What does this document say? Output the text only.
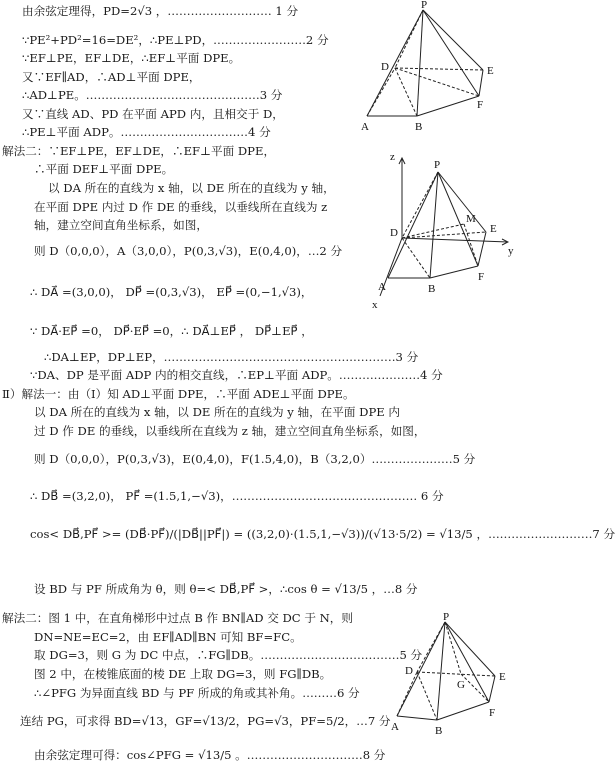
由余弦定理得，PD=2√3 ，……………………… 1 分
∵PE²+PD²=16=DE²，∴PE⊥PD，……………………2 分
∵EF⊥PE，EF⊥DE，∴EF⊥平面 DPE。
又∵EF∥AD，∴AD⊥平面 DPE，
∴AD⊥PE。………………………………………3 分
又∵直线 AD、PD 在平面 APD 内，且相交于 D，
∴PE⊥平面 ADP。……………………………4 分
解法二：∵EF⊥PE，EF⊥DE，∴EF⊥平面 DPE，
∴平面 DEF⊥平面 DPE。
以 DA 所在的直线为 x 轴，以 DE 所在的直线为 y 轴，
在平面 DPE 内过 D 作 DE 的垂线，以垂线所在直线为 z
轴，建立空间直角坐标系，如图，
则 D（0,0,0），A（3,0,0），P(0,3,√3)，E(0,4,0)，…2 分
∴ DA⃗ =(3,0,0)， DP⃗ =(0,3,√3)， EP⃗ =(0,−1,√3)，
∵ DA⃗·EP⃗ =0， DP⃗·EP⃗ =0，∴ DA⃗⊥EP⃗ ， DP⃗⊥EP⃗ ，
∴DA⊥EP，DP⊥EP，……………………………………………………3 分
∵DA、DP 是平面 ADP 内的相交直线，∴EP⊥平面 ADP。…………………4 分
Ⅱ）解法一：由（Ⅰ）知 AD⊥平面 DPE，∴平面 ADE⊥平面 DPE。
以 DA 所在的直线为 x 轴，以 DE 所在的直线为 y 轴，在平面 DPE 内
过 D 作 DE 的垂线，以垂线所在直线为 z 轴，建立空间直角坐标系，如图，
则 D（0,0,0），P(0,3,√3)，E(0,4,0)，F(1.5,4,0)，B（3,2,0）…………………5 分
∴ DB⃗ =(3,2,0)， PF⃗ =(1.5,1,−√3)，………………………………………… 6 分
cos< DB⃗,PF⃗ >= (DB⃗·PF⃗)/(|DB⃗||PF⃗|) = ((3,2,0)·(1.5,1,−√3))/(√13·5/2) = √13/5 ，………………………7 分
设 BD 与 PF 所成角为 θ，则 θ=< DB⃗,PF⃗ >，∴cos θ = √13/5 ，…8 分
解法二：图 1 中，在直角梯形中过点 B 作 BN∥AD 交 DC 于 N，则
DN=NE=EC=2，由 EF∥AD∥BN 可知 BF=FC。
取 DG=3，则 G 为 DC 中点，∴FG∥DB。………………………………5 分
图 2 中，在棱锥底面的棱 DE 上取 DG=3，则 FG∥DB。
∴∠PFG 为异面直线 BD 与 PF 所成的角或其补角。………6 分
连结 PG，可求得 BD=√13，GF=√13/2，PG=√3，PF=5/2，…7 分
由余弦定理可得：cos∠PFG = √13/5 。…………………………8 分
P
D	E
A	B
F
z
P
M
D	E
y
A	B
F
x
P
E
D
G
F
A	B
